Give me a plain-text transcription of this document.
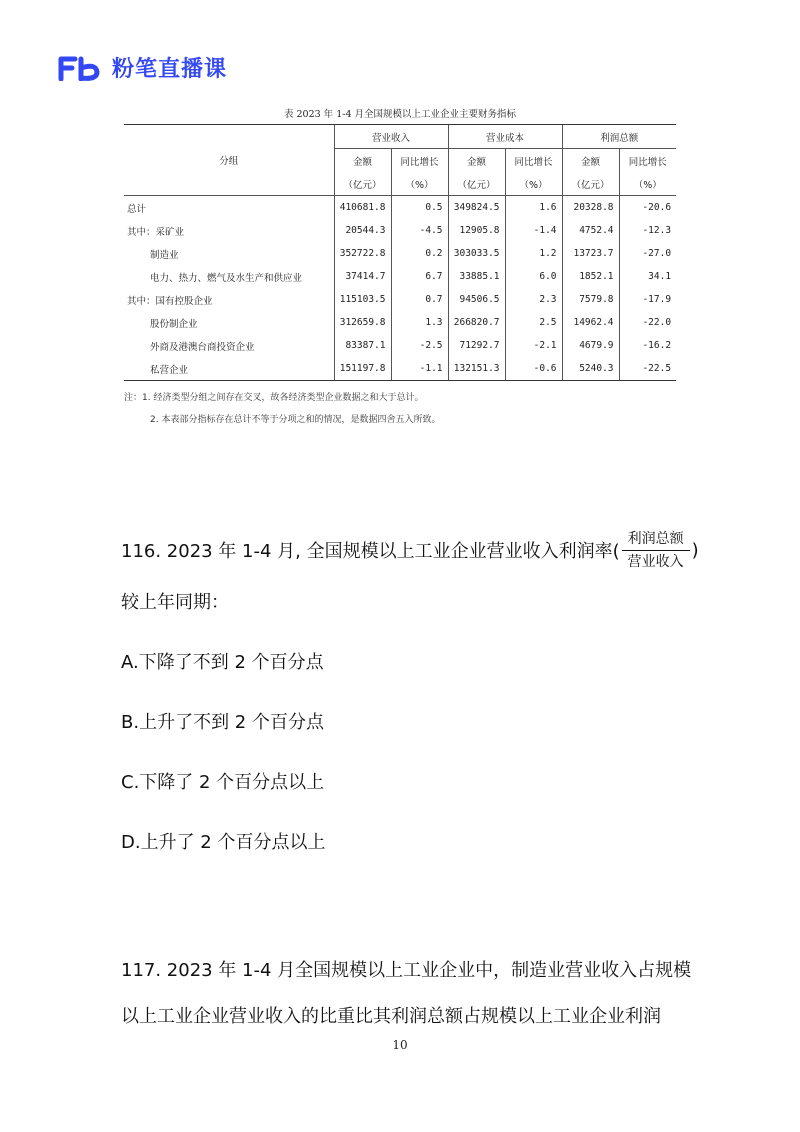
粉笔直播课
表 2023 年 1-4 月全国规模以上工业企业主要财务指标
分组	营业收入		营业成本		利润总额	
	金额	同比增长	金额	同比增长	金额	同比增长
	（亿元）	（%）	（亿元）	（%）	（亿元）	（%）
总计	410681.8	0.5	349824.5	1.6	20328.8	-20.6
其中：采矿业	20544.3	-4.5	12905.8	-1.4	4752.4	-12.3
制造业	352722.8	0.2	303033.5	1.2	13723.7	-27.0
电力、热力、燃气及水生产和供应业	37414.7	6.7	33885.1	6.0	1852.1	34.1
其中：国有控股企业	115103.5	0.7	94506.5	2.3	7579.8	-17.9
股份制企业	312659.8	1.3	266820.7	2.5	14962.4	-22.0
外商及港澳台商投资企业	83387.1	-2.5	71292.7	-2.1	4679.9	-16.2
私营企业	151197.8	-1.1	132151.3	-0.6	5240.3	-22.5
注：1. 经济类型分组之间存在交叉，故各经济类型企业数据之和大于总计。
2. 本表部分指标存在总计不等于分项之和的情况，是数据四舍五入所致。
116. 2023 年 1-4 月, 全国规模以上工业企业营业收入利润率( $\frac{\text{利润总额}}{\text{营业收入}}$ )
较上年同期：
A.下降了不到 2 个百分点
B.上升了不到 2 个百分点
C.下降了 2 个百分点以上
D.上升了 2 个百分点以上
117. 2023 年 1-4 月全国规模以上工业企业中，制造业营业收入占规模
以上工业企业营业收入的比重比其利润总额占规模以上工业企业利润
10
